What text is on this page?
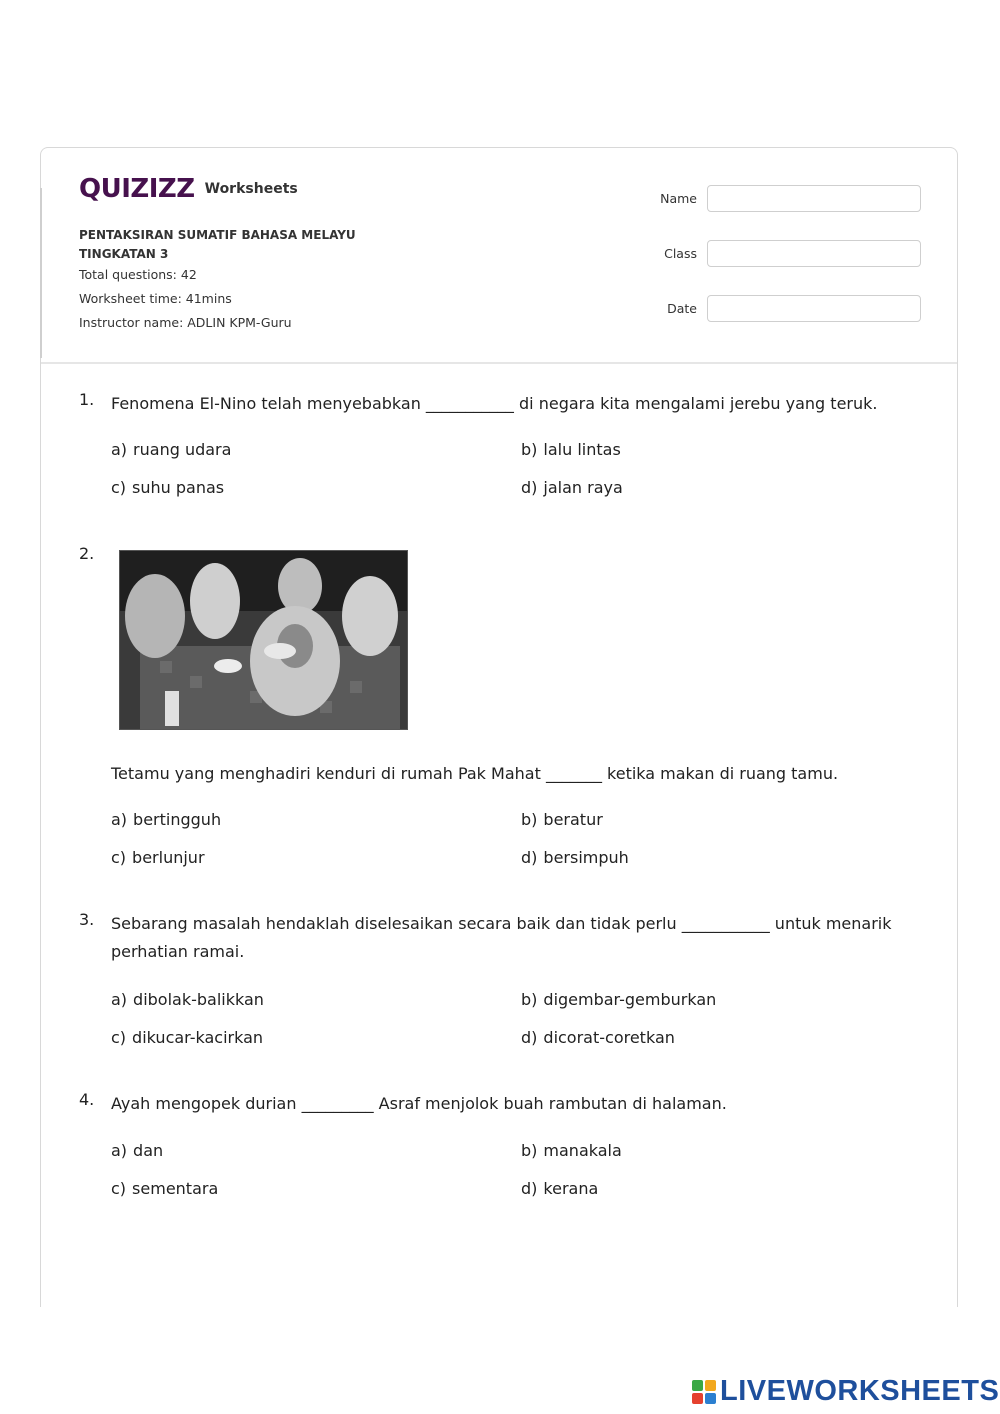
QUIZIZZ Worksheets
PENTAKSIRAN SUMATIF BAHASA MELAYU
TINGKATAN 3
Total questions: 42
Worksheet time: 41mins
Instructor name: ADLIN KPM-Guru
Name
Class
Date
1. Fenomena El-Nino telah menyebabkan ___________ di negara kita mengalami jerebu yang teruk.
a) ruang udara	b) lalu lintas
c) suhu panas	d) jalan raya
2.
Tetamu yang menghadiri kenduri di rumah Pak Mahat _______ ketika makan di ruang tamu.
a) bertingguh	b) beratur
c) berlunjur	d) bersimpuh
3. Sebarang masalah hendaklah diselesaikan secara baik dan tidak perlu ___________ untuk menarik perhatian ramai.
a) dibolak-balikkan	b) digembar-gemburkan
c) dikucar-kacirkan	d) dicorat-coretkan
4. Ayah mengopek durian _________ Asraf menjolok buah rambutan di halaman.
a) dan	b) manakala
c) sementara	d) kerana
LIVEWORKSHEETS
